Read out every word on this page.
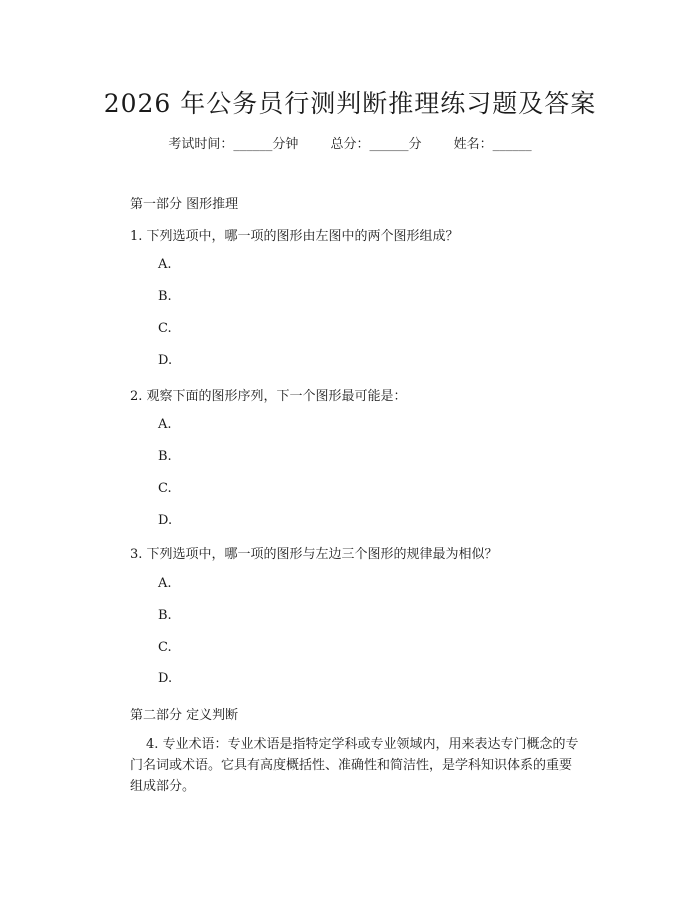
2026 年公务员行测判断推理练习题及答案
考试时间：______分钟 总分：______分 姓名：______
第一部分 图形推理
1. 下列选项中，哪一项的图形由左图中的两个图形组成？
A.
B.
C.
D.
2. 观察下面的图形序列，下一个图形最可能是：
A.
B.
C.
D.
3. 下列选项中，哪一项的图形与左边三个图形的规律最为相似？
A.
B.
C.
D.
第二部分 定义判断
4. 专业术语：专业术语是指特定学科或专业领域内，用来表达专门概念的专门名词或术语。它具有高度概括性、准确性和简洁性，是学科知识体系的重要组成部分。
